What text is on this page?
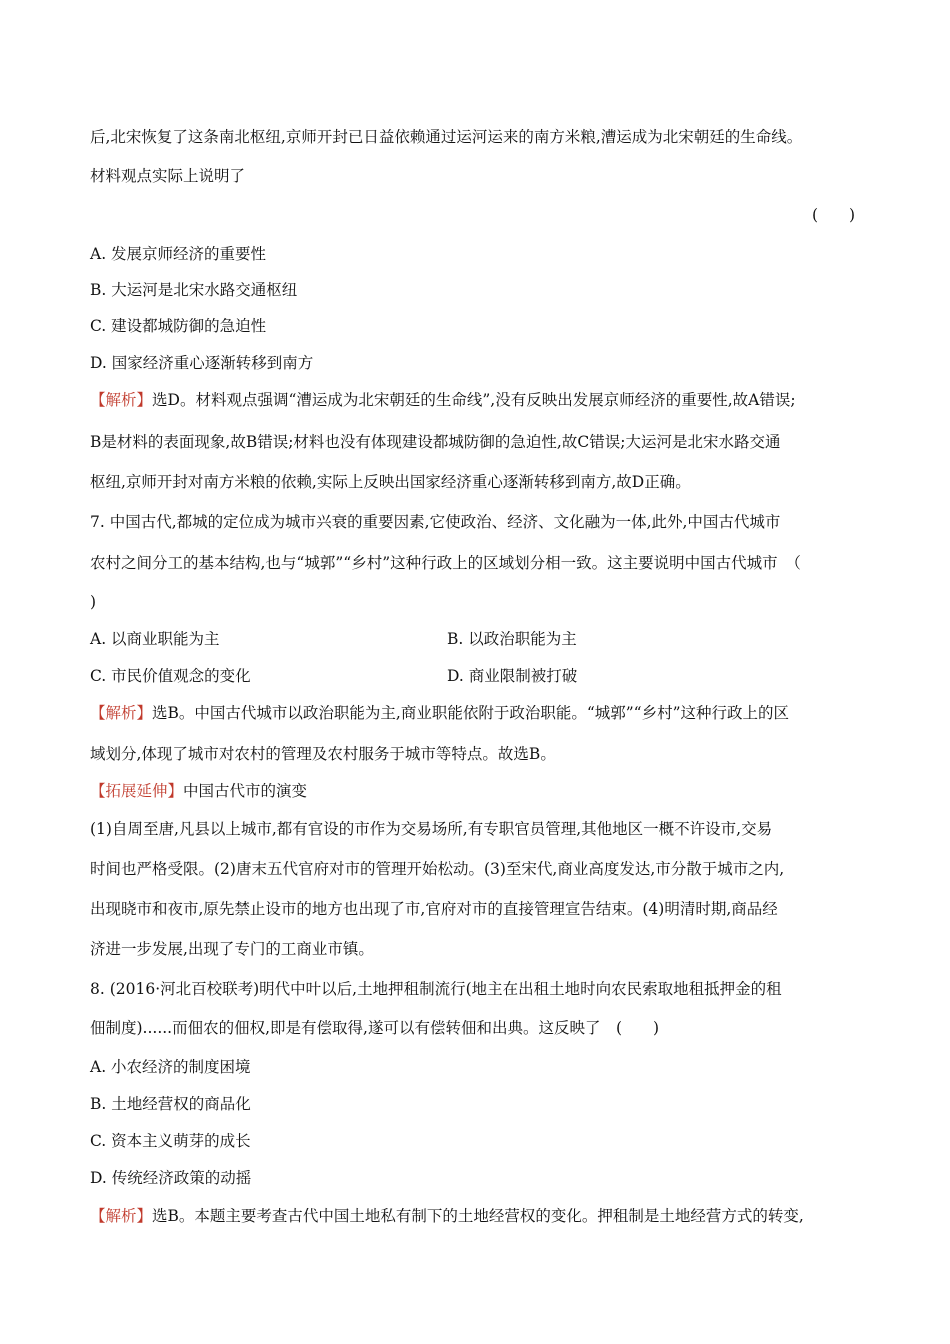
后,北宋恢复了这条南北枢纽,京师开封已日益依赖通过运河运来的南方米粮,漕运成为北宋朝廷的生命线。
材料观点实际上说明了
(　　)
A. 发展京师经济的重要性
B. 大运河是北宋水路交通枢纽
C. 建设都城防御的急迫性
D. 国家经济重心逐渐转移到南方
【解析】选D。材料观点强调“漕运成为北宋朝廷的生命线”,没有反映出发展京师经济的重要性,故A错误;
B是材料的表面现象,故B错误;材料也没有体现建设都城防御的急迫性,故C错误;大运河是北宋水路交通
枢纽,京师开封对南方米粮的依赖,实际上反映出国家经济重心逐渐转移到南方,故D正确。
7. 中国古代,都城的定位成为城市兴衰的重要因素,它使政治、经济、文化融为一体,此外,中国古代城市
农村之间分工的基本结构,也与“城郭”“乡村”这种行政上的区域划分相一致。这主要说明中国古代城市　（
)
A. 以商业职能为主	B. 以政治职能为主
C. 市民价值观念的变化	D. 商业限制被打破
【解析】选B。中国古代城市以政治职能为主,商业职能依附于政治职能。“城郭”“乡村”这种行政上的区
域划分,体现了城市对农村的管理及农村服务于城市等特点。故选B。
【拓展延伸】中国古代市的演变
(1)自周至唐,凡县以上城市,都有官设的市作为交易场所,有专职官员管理,其他地区一概不许设市,交易
时间也严格受限。(2)唐末五代官府对市的管理开始松动。(3)至宋代,商业高度发达,市分散于城市之内,
出现晓市和夜市,原先禁止设市的地方也出现了市,官府对市的直接管理宣告结束。(4)明清时期,商品经
济进一步发展,出现了专门的工商业市镇。
8. (2016·河北百校联考)明代中叶以后,土地押租制流行(地主在出租土地时向农民索取地租抵押金的租
佃制度)......而佃农的佃权,即是有偿取得,遂可以有偿转佃和出典。这反映了　(　　)
A. 小农经济的制度困境
B. 土地经营权的商品化
C. 资本主义萌芽的成长
D. 传统经济政策的动摇
【解析】选B。本题主要考查古代中国土地私有制下的土地经营权的变化。押租制是土地经营方式的转变,
